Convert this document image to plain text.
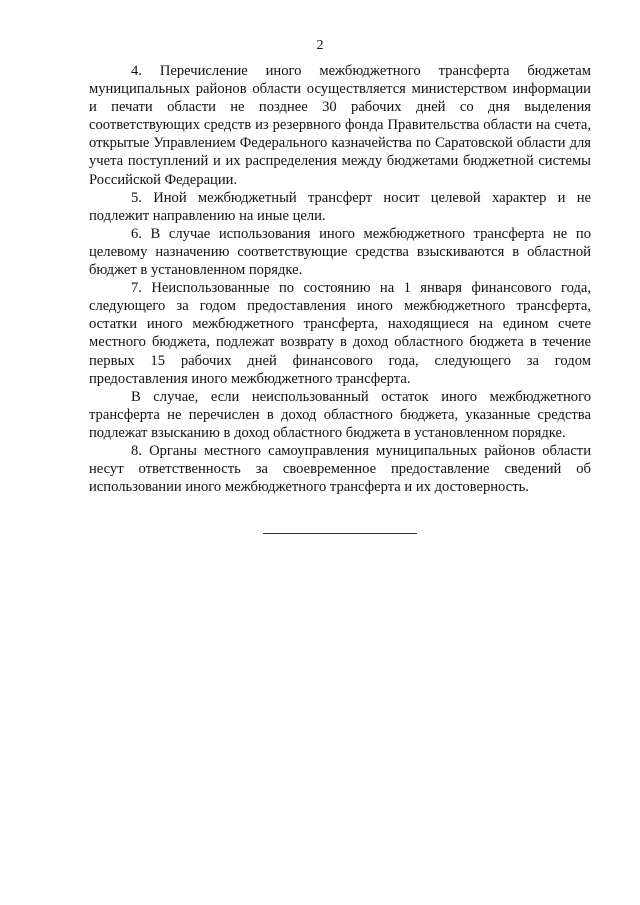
2

4. Перечисление иного межбюджетного трансферта бюджетам муниципальных районов области осуществляется министерством информации и печати области не позднее 30 рабочих дней со дня выделения соответствующих средств из резервного фонда Правительства области на счета, открытые Управлением Федерального казначейства по Саратовской области для учета поступлений и их распределения между бюджетами бюджетной системы Российской Федерации.

5. Иной межбюджетный трансферт носит целевой характер и не подлежит направлению на иные цели.

6. В случае использования иного межбюджетного трансферта не по целевому назначению соответствующие средства взыскиваются в областной бюджет в установленном порядке.

7. Неиспользованные по состоянию на 1 января финансового года, следующего за годом предоставления иного межбюджетного трансферта, остатки иного межбюджетного трансферта, находящиеся на едином счете местного бюджета, подлежат возврату в доход областного бюджета в течение первых 15 рабочих дней финансового года, следующего за годом предоставления иного межбюджетного трансферта.

В случае, если неиспользованный остаток иного межбюджетного трансферта не перечислен в доход областного бюджета, указанные средства подлежат взысканию в доход областного бюджета в установленном порядке.

8. Органы местного самоуправления муниципальных районов области несут ответственность за своевременное предоставление сведений об использовании иного межбюджетного трансферта и их достоверность.
